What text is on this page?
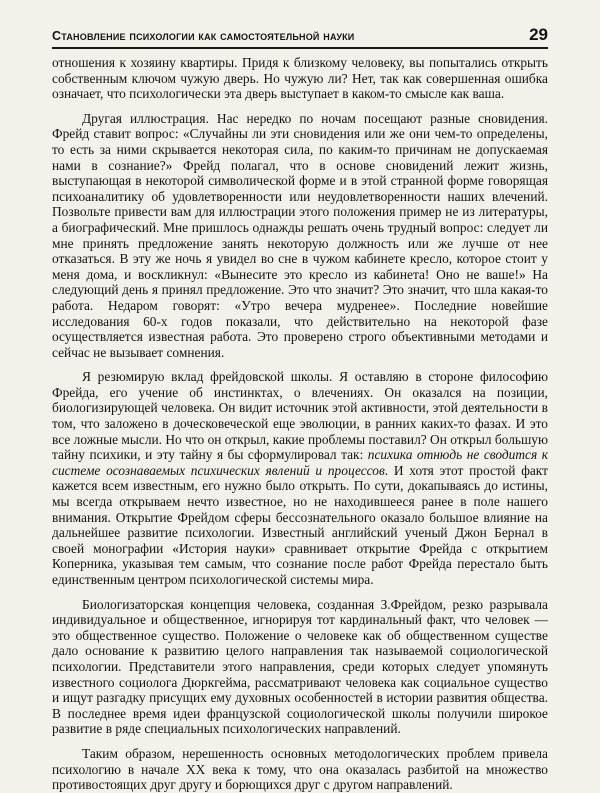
Становление психологии как самостоятельной науки	29

отношения к хозяину квартиры. Придя к близкому человеку, вы попытались открыть собственным ключом чужую дверь. Но чужую ли? Нет, так как совершенная ошибка означает, что психологически эта дверь выступает в каком-то смысле как ваша.

Другая иллюстрация. Нас нередко по ночам посещают разные сновидения. Фрейд ставит вопрос: «Случайны ли эти сновидения или же они чем-то определены, то есть за ними скрывается некоторая сила, по каким-то причинам не допускаемая нами в сознание?» Фрейд полагал, что в основе сновидений лежит жизнь, выступающая в некоторой символической форме и в этой странной форме говорящая психоаналитику об удовлетворенности или неудовлетворенности наших влечений. Позвольте привести вам для иллюстрации этого положения пример не из литературы, а биографический. Мне пришлось однажды решать очень трудный вопрос: следует ли мне принять предложение занять некоторую должность или же лучше от нее отказаться. В эту же ночь я увидел во сне в чужом кабинете кресло, которое стоит у меня дома, и воскликнул: «Вынесите это кресло из кабинета! Оно не ваше!» На следующий день я принял предложение. Это что значит? Это значит, что шла какая-то работа. Недаром говорят: «Утро вечера мудренее». Последние новейшие исследования 60-х годов показали, что действительно на некоторой фазе осуществляется известная работа. Это проверено строго объективными методами и сейчас не вызывает сомнения.

Я резюмирую вклад фрейдовской школы. Я оставляю в стороне философию Фрейда, его учение об инстинктах, о влечениях. Он оказался на позиции, биологизирующей человека. Он видит источник этой активности, этой деятельности в том, что заложено в доческовеческой еще эволюции, в ранних каких-то фазах. И это все ложные мысли. Но что он открыл, какие проблемы поставил? Он открыл большую тайну психики, и эту тайну я бы сформулировал так: психика отнюдь не сводится к системе осознаваемых психических явлений и процессов. И хотя этот простой факт кажется всем известным, его нужно было открыть. По сути, докапываясь до истины, мы всегда открываем нечто известное, но не находившееся ранее в поле нашего внимания. Открытие Фрейдом сферы бессознательного оказало большое влияние на дальнейшее развитие психологии. Известный английский ученый Джон Бернал в своей монографии «История науки» сравнивает открытие Фрейда с открытием Коперника, указывая тем самым, что сознание после работ Фрейда перестало быть единственным центром психологической системы мира.

Биологизаторская концепция человека, созданная З.Фрейдом, резко разрывала индивидуальное и общественное, игнорируя тот кардинальный факт, что человек — это общественное существо. Положение о человеке как об общественном существе дало основание к развитию целого направления так называемой социологической психологии. Представители этого направления, среди которых следует упомянуть известного социолога Дюркгейма, рассматривают человека как социальное существо и ищут разгадку присущих ему духовных особенностей в истории развития общества. В последнее время идеи французской социологической школы получили широкое развитие в ряде специальных психологических направлений.

Таким образом, нерешенность основных методологических проблем привела психологию в начале XX века к тому, что она оказалась разбитой на множество противостоящих друг другу и борющихся друг с другом направлений.
